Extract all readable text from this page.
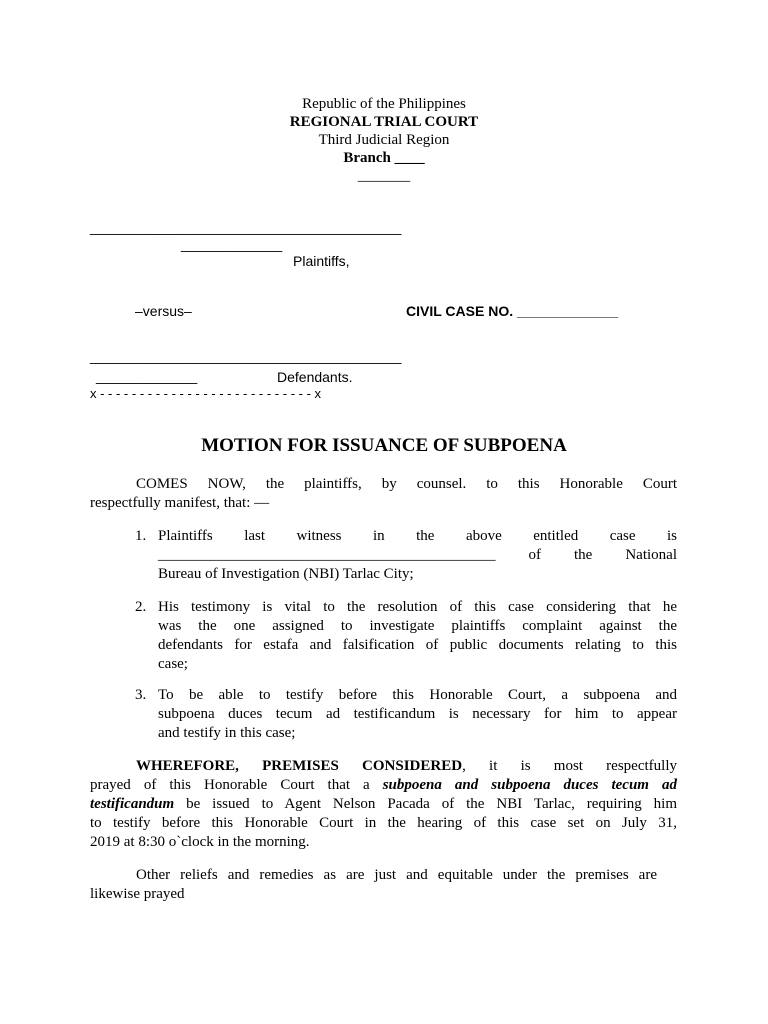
Republic of the Philippines
REGIONAL TRIAL COURT
Third Judicial Region
Branch ____
_______
________________________________________
_____________
Plaintiffs,
–versus–	CIVIL CASE NO. _____________
________________________________________
_____________	Defendants.
x - - - - - - - - - - - - - - - - - - - - - - - - - - - x
MOTION FOR ISSUANCE OF SUBPOENA
COMES NOW, the plaintiffs, by counsel. to this Honorable Court
respectfully manifest, that: —
1. Plaintiffs last witness in the above entitled case is
_____________________________________________ of the National
Bureau of Investigation (NBI) Tarlac City;
2. His testimony is vital to the resolution of this case considering that he
was the one assigned to investigate plaintiffs complaint against the
defendants for estafa and falsification of public documents relating to this
case;
3. To be able to testify before this Honorable Court, a subpoena and
subpoena duces tecum ad testificandum is necessary for him to appear
and testify in this case;
WHEREFORE, PREMISES CONSIDERED, it is most respectfully
prayed of this Honorable Court that a subpoena and subpoena duces tecum ad
testificandum be issued to Agent Nelson Pacada of the NBI Tarlac, requiring him
to testify before this Honorable Court in the hearing of this case set on July 31,
2019 at 8:30 o`clock in the morning.
Other reliefs and remedies as are just and equitable under the premises are
likewise prayed
